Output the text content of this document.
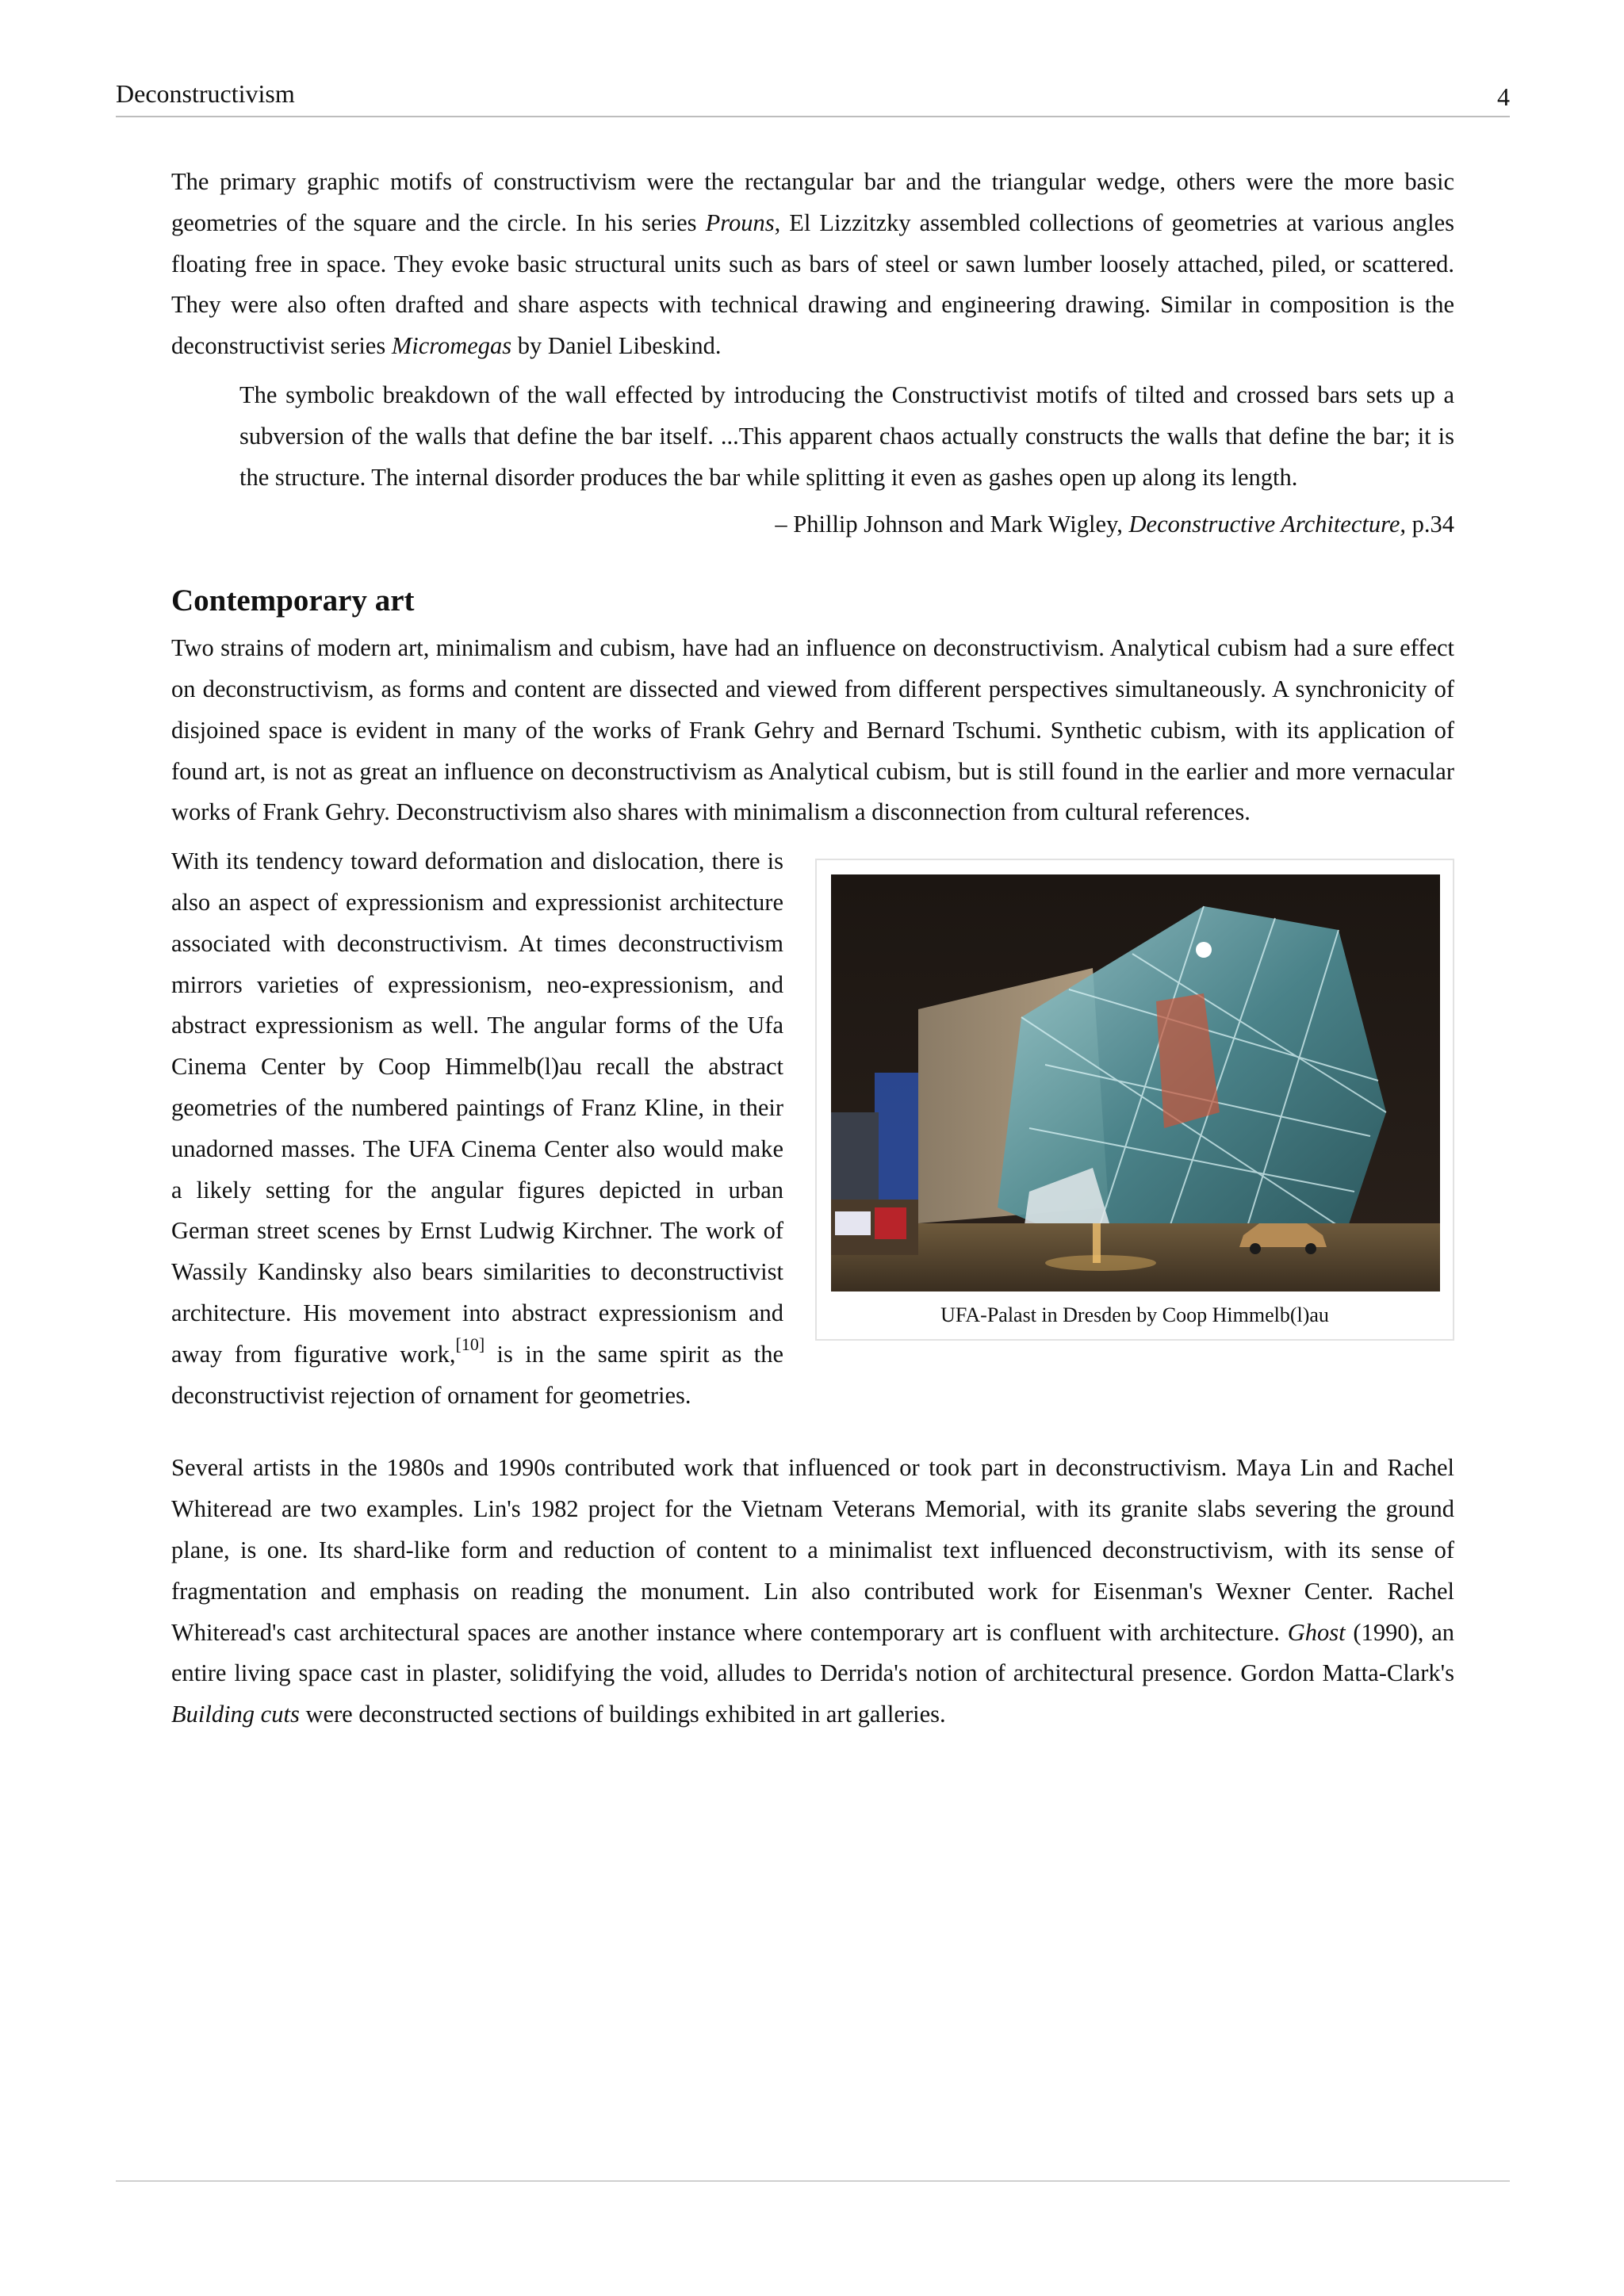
Deconstructivism	4

The primary graphic motifs of constructivism were the rectangular bar and the triangular wedge, others were the more basic geometries of the square and the circle. In his series Prouns, El Lizzitzky assembled collections of geometries at various angles floating free in space. They evoke basic structural units such as bars of steel or sawn lumber loosely attached, piled, or scattered. They were also often drafted and share aspects with technical drawing and engineering drawing. Similar in composition is the deconstructivist series Micromegas by Daniel Libeskind.

The symbolic breakdown of the wall effected by introducing the Constructivist motifs of tilted and crossed bars sets up a subversion of the walls that define the bar itself. ...This apparent chaos actually constructs the walls that define the bar; it is the structure. The internal disorder produces the bar while splitting it even as gashes open up along its length.

– Phillip Johnson and Mark Wigley, Deconstructive Architecture, p.34

Contemporary art

Two strains of modern art, minimalism and cubism, have had an influence on deconstructivism. Analytical cubism had a sure effect on deconstructivism, as forms and content are dissected and viewed from different perspectives simultaneously. A synchronicity of disjoined space is evident in many of the works of Frank Gehry and Bernard Tschumi. Synthetic cubism, with its application of found art, is not as great an influence on deconstructivism as Analytical cubism, but is still found in the earlier and more vernacular works of Frank Gehry. Deconstructivism also shares with minimalism a disconnection from cultural references.

UFA-Palast in Dresden by Coop Himmelb(l)au

With its tendency toward deformation and dislocation, there is also an aspect of expressionism and expressionist architecture associated with deconstructivism. At times deconstructivism mirrors varieties of expressionism, neo-expressionism, and abstract expressionism as well. The angular forms of the Ufa Cinema Center by Coop Himmelb(l)au recall the abstract geometries of the numbered paintings of Franz Kline, in their unadorned masses. The UFA Cinema Center also would make a likely setting for the angular figures depicted in urban German street scenes by Ernst Ludwig Kirchner. The work of Wassily Kandinsky also bears similarities to deconstructivist architecture. His movement into abstract expressionism and away from figurative work,[10] is in the same spirit as the deconstructivist rejection of ornament for geometries.

Several artists in the 1980s and 1990s contributed work that influenced or took part in deconstructivism. Maya Lin and Rachel Whiteread are two examples. Lin's 1982 project for the Vietnam Veterans Memorial, with its granite slabs severing the ground plane, is one. Its shard-like form and reduction of content to a minimalist text influenced deconstructivism, with its sense of fragmentation and emphasis on reading the monument. Lin also contributed work for Eisenman's Wexner Center. Rachel Whiteread's cast architectural spaces are another instance where contemporary art is confluent with architecture. Ghost (1990), an entire living space cast in plaster, solidifying the void, alludes to Derrida's notion of architectural presence. Gordon Matta-Clark's Building cuts were deconstructed sections of buildings exhibited in art galleries.
